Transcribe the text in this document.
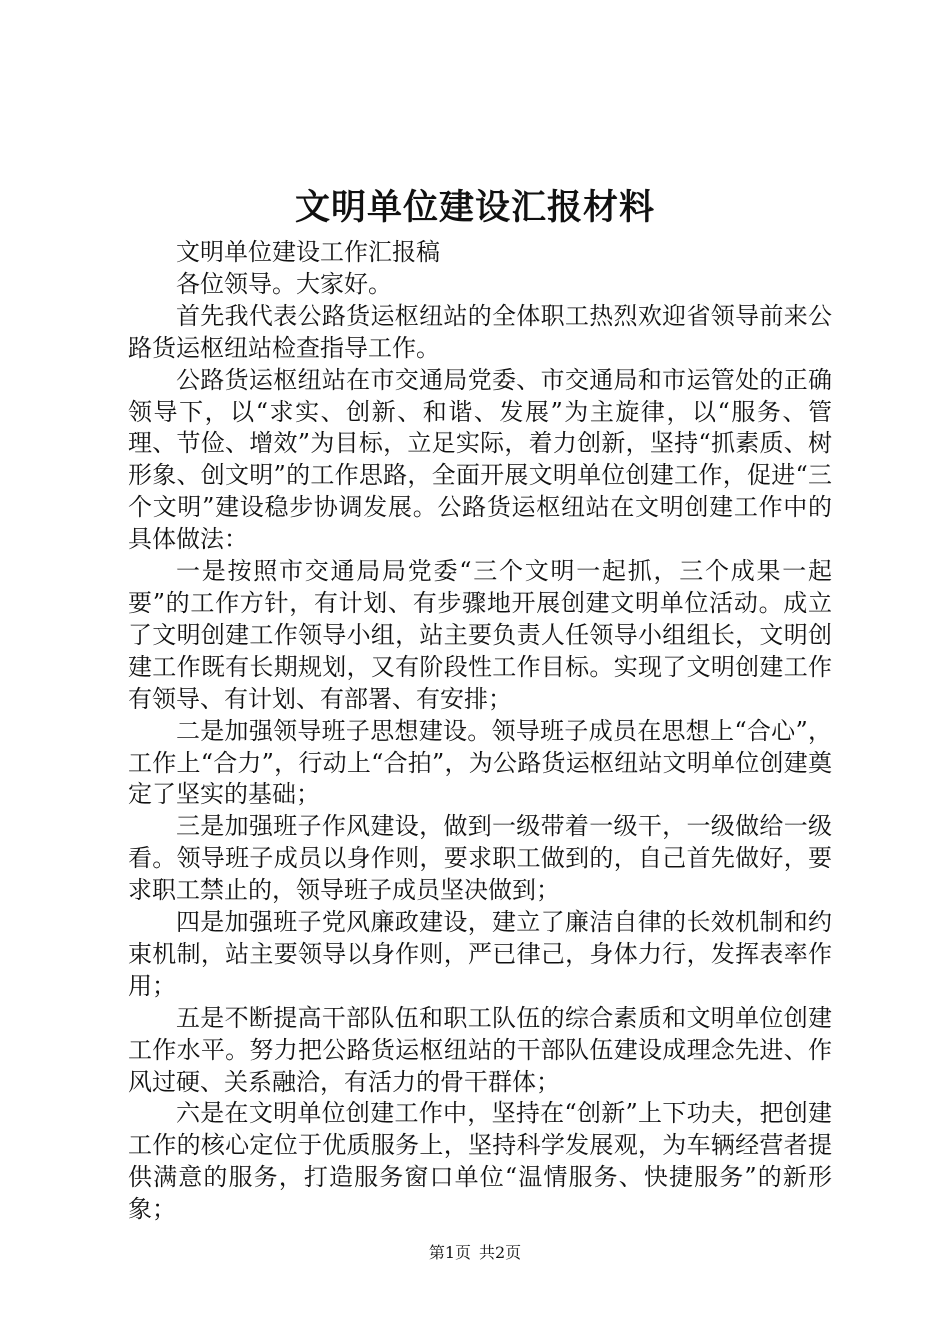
文明单位建设汇报材料

文明单位建设工作汇报稿

各位领导。大家好。

首先我代表公路货运枢纽站的全体职工热烈欢迎省领导前来公路货运枢纽站检查指导工作。

公路货运枢纽站在市交通局党委、市交通局和市运管处的正确领导下，以“求实、创新、和谐、发展”为主旋律，以“服务、管理、节俭、增效”为目标，立足实际，着力创新，坚持“抓素质、树形象、创文明”的工作思路，全面开展文明单位创建工作，促进“三个文明”建设稳步协调发展。公路货运枢纽站在文明创建工作中的具体做法：

一是按照市交通局局党委“三个文明一起抓，三个成果一起要”的工作方针，有计划、有步骤地开展创建文明单位活动。成立了文明创建工作领导小组，站主要负责人任领导小组组长，文明创建工作既有长期规划，又有阶段性工作目标。实现了文明创建工作有领导、有计划、有部署、有安排；

二是加强领导班子思想建设。领导班子成员在思想上“合心”，工作上“合力”，行动上“合拍”，为公路货运枢纽站文明单位创建奠定了坚实的基础；

三是加强班子作风建设，做到一级带着一级干，一级做给一级看。领导班子成员以身作则，要求职工做到的，自己首先做好，要求职工禁止的，领导班子成员坚决做到；

四是加强班子党风廉政建设，建立了廉洁自律的长效机制和约束机制，站主要领导以身作则，严已律己，身体力行，发挥表率作用；

五是不断提高干部队伍和职工队伍的综合素质和文明单位创建工作水平。努力把公路货运枢纽站的干部队伍建设成理念先进、作风过硬、关系融洽，有活力的骨干群体；

六是在文明单位创建工作中，坚持在“创新”上下功夫，把创建工作的核心定位于优质服务上，坚持科学发展观，为车辆经营者提供满意的服务，打造服务窗口单位“温情服务、快捷服务”的新形象；

第1页 共2页
